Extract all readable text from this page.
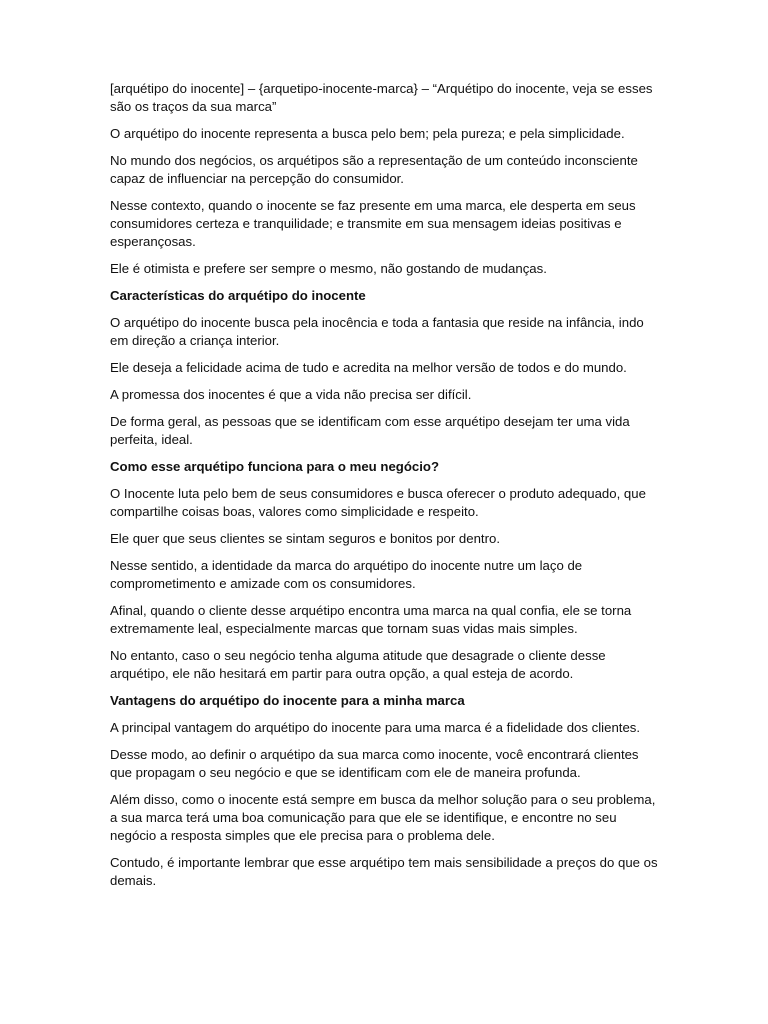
[arquétipo do inocente] – {arquetipo-inocente-marca} – “Arquétipo do inocente, veja se esses são os traços da sua marca”

O arquétipo do inocente representa a busca pelo bem; pela pureza; e pela simplicidade.

No mundo dos negócios, os arquétipos são a representação de um conteúdo inconsciente capaz de influenciar na percepção do consumidor.

Nesse contexto, quando o inocente se faz presente em uma marca, ele desperta em seus consumidores certeza e tranquilidade; e transmite em sua mensagem ideias positivas e esperançosas.

Ele é otimista e prefere ser sempre o mesmo, não gostando de mudanças.

Características do arquétipo do inocente

O arquétipo do inocente busca pela inocência e toda a fantasia que reside na infância, indo em direção a criança interior.

Ele deseja a felicidade acima de tudo e acredita na melhor versão de todos e do mundo.

A promessa dos inocentes é que a vida não precisa ser difícil.

De forma geral, as pessoas que se identificam com esse arquétipo desejam ter uma vida perfeita, ideal.

Como esse arquétipo funciona para o meu negócio?

O Inocente luta pelo bem de seus consumidores e busca oferecer o produto adequado, que compartilhe coisas boas, valores como simplicidade e respeito.

Ele quer que seus clientes se sintam seguros e bonitos por dentro.

Nesse sentido, a identidade da marca do arquétipo do inocente nutre um laço de comprometimento e amizade com os consumidores.

Afinal, quando o cliente desse arquétipo encontra uma marca na qual confia, ele se torna extremamente leal, especialmente marcas que tornam suas vidas mais simples.

No entanto, caso o seu negócio tenha alguma atitude que desagrade o cliente desse arquétipo, ele não hesitará em partir para outra opção, a qual esteja de acordo.

Vantagens do arquétipo do inocente para a minha marca

A principal vantagem do arquétipo do inocente para uma marca é a fidelidade dos clientes.

Desse modo, ao definir o arquétipo da sua marca como inocente, você encontrará clientes que propagam o seu negócio e que se identificam com ele de maneira profunda.

Além disso, como o inocente está sempre em busca da melhor solução para o seu problema, a sua marca terá uma boa comunicação para que ele se identifique, e encontre no seu negócio a resposta simples que ele precisa para o problema dele.

Contudo, é importante lembrar que esse arquétipo tem mais sensibilidade a preços do que os demais.
